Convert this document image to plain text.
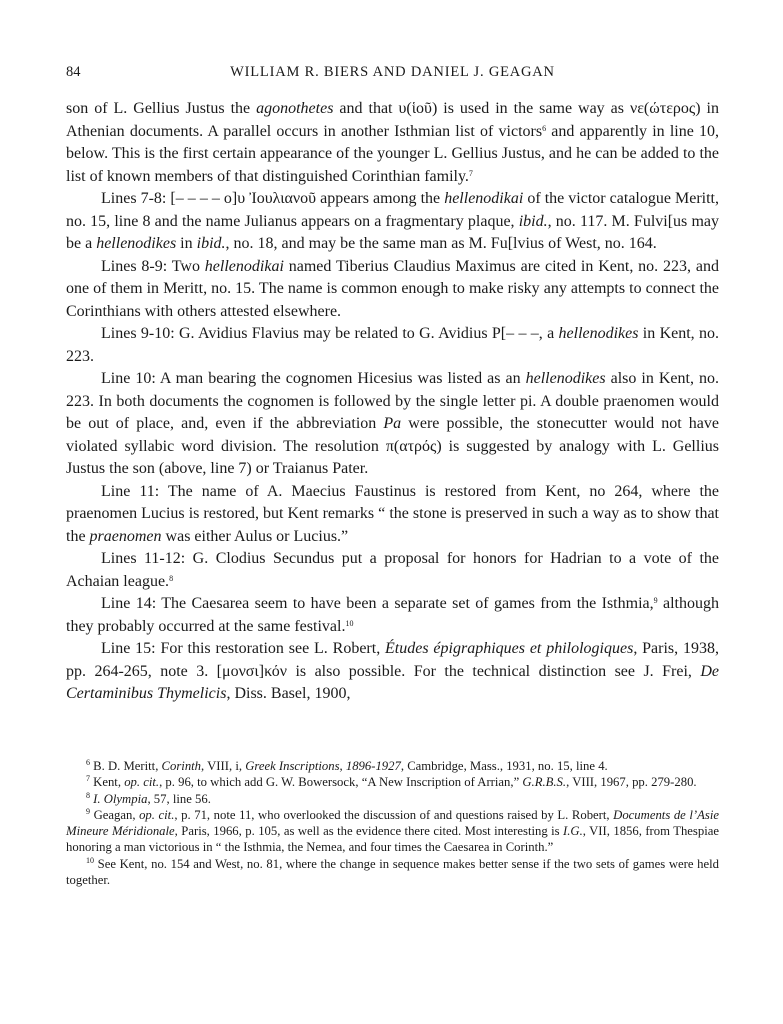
84	WILLIAM R. BIERS AND DANIEL J. GEAGAN

son of L. Gellius Justus the agonothetes and that υ(ἱοῦ) is used in the same way as νε(ώτερος) in Athenian documents. A parallel occurs in another Isthmian list of victors$^6$ and apparently in line 10, below. This is the first certain appearance of the younger L. Gellius Justus, and he can be added to the list of known members of that distinguished Corinthian family.$^7$

Lines 7-8: [– – – – ο]υ Ἰουλιανοῦ appears among the hellenodikai of the victor catalogue Meritt, no. 15, line 8 and the name Julianus appears on a fragmentary plaque, ibid., no. 117. M. Fulvi[us may be a hellenodikes in ibid., no. 18, and may be the same man as M. Fu[lvius of West, no. 164.

Lines 8-9: Two hellenodikai named Tiberius Claudius Maximus are cited in Kent, no. 223, and one of them in Meritt, no. 15. The name is common enough to make risky any attempts to connect the Corinthians with others attested elsewhere.

Lines 9-10: G. Avidius Flavius may be related to G. Avidius P[– – –, a hellenodikes in Kent, no. 223.

Line 10: A man bearing the cognomen Hicesius was listed as an hellenodikes also in Kent, no. 223. In both documents the cognomen is followed by the single letter pi. A double praenomen would be out of place, and, even if the abbreviation Pa were possible, the stonecutter would not have violated syllabic word division. The resolution π(ατρός) is suggested by analogy with L. Gellius Justus the son (above, line 7) or Traianus Pater.

Line 11: The name of A. Maecius Faustinus is restored from Kent, no 264, where the praenomen Lucius is restored, but Kent remarks “ the stone is preserved in such a way as to show that the praenomen was either Aulus or Lucius.”

Lines 11-12: G. Clodius Secundus put a proposal for honors for Hadrian to a vote of the Achaian league.$^8$

Line 14: The Caesarea seem to have been a separate set of games from the Isthmia,$^9$ although they probably occurred at the same festival.$^{10}$

Line 15: For this restoration see L. Robert, Études épigraphiques et philologiques, Paris, 1938, pp. 264-265, note 3. [μονσι]κόν is also possible. For the technical distinction see J. Frei, De Certaminibus Thymelicis, Diss. Basel, 1900,

$^6$ B. D. Meritt, Corinth, VIII, i, Greek Inscriptions, 1896-1927, Cambridge, Mass., 1931, no. 15, line 4.

$^7$ Kent, op. cit., p. 96, to which add G. W. Bowersock, “A New Inscription of Arrian,” G.R.B.S., VIII, 1967, pp. 279-280.

$^8$ I. Olympia, 57, line 56.

$^9$ Geagan, op. cit., p. 71, note 11, who overlooked the discussion of and questions raised by L. Robert, Documents de l’Asie Mineure Méridionale, Paris, 1966, p. 105, as well as the evidence there cited. Most interesting is I.G., VII, 1856, from Thespiae honoring a man victorious in “ the Isthmia, the Nemea, and four times the Caesarea in Corinth.”

$^{10}$ See Kent, no. 154 and West, no. 81, where the change in sequence makes better sense if the two sets of games were held together.
